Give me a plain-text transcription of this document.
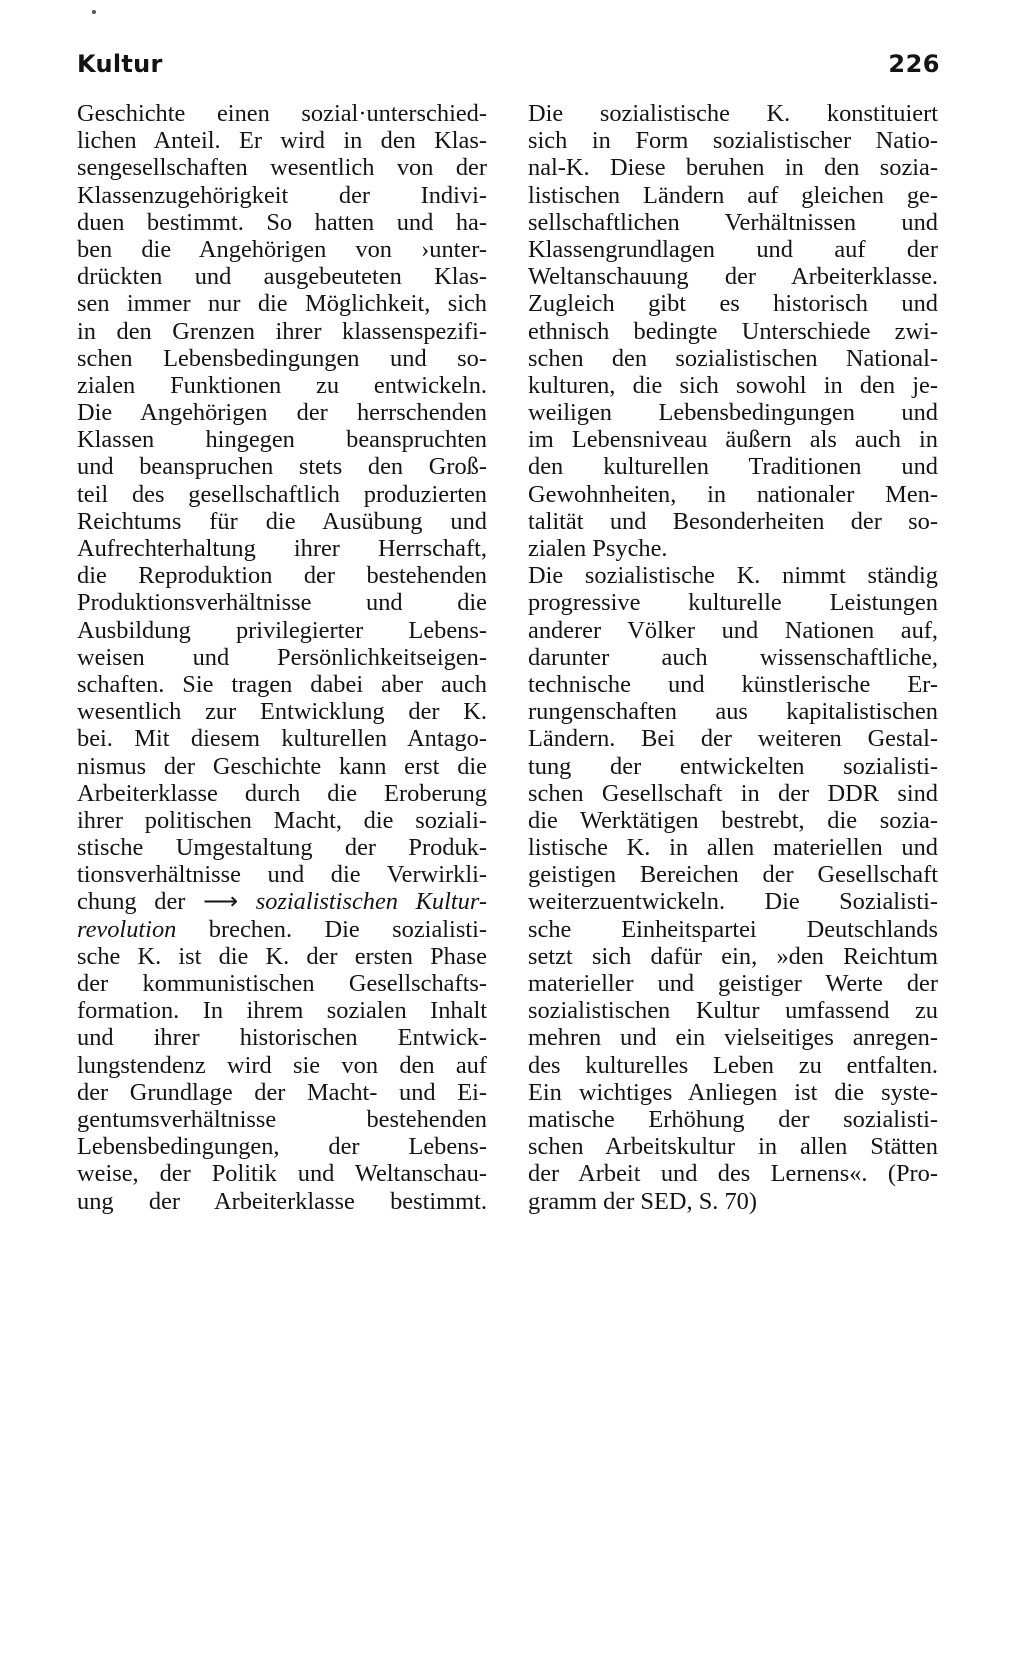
Kultur	226
Geschichte einen sozial·unterschied-
lichen Anteil. Er wird in den Klas-
sengesellschaften wesentlich von der
Klassenzugehörigkeit der Indivi-
duen bestimmt. So hatten und ha-
ben die Angehörigen von ›unter-
drückten und ausgebeuteten Klas-
sen immer nur die Möglichkeit, sich
in den Grenzen ihrer klassenspezifi-
schen Lebensbedingungen und so-
zialen Funktionen zu entwickeln.
Die Angehörigen der herrschenden
Klassen hingegen beanspruchten
und beanspruchen stets den Groß-
teil des gesellschaftlich produzierten
Reichtums für die Ausübung und
Aufrechterhaltung ihrer Herrschaft,
die Reproduktion der bestehenden
Produktionsverhältnisse und die
Ausbildung privilegierter Lebens-
weisen und Persönlichkeitseigen-
schaften. Sie tragen dabei aber auch
wesentlich zur Entwicklung der K.
bei. Mit diesem kulturellen Antago-
nismus der Geschichte kann erst die
Arbeiterklasse durch die Eroberung
ihrer politischen Macht, die soziali-
stische Umgestaltung der Produk-
tionsverhältnisse und die Verwirkli-
chung der ⟶ sozialistischen Kultur-
revolution brechen. Die sozialisti-
sche K. ist die K. der ersten Phase
der kommunistischen Gesellschafts-
formation. In ihrem sozialen Inhalt
und ihrer historischen Entwick-
lungstendenz wird sie von den auf
der Grundlage der Macht- und Ei-
gentumsverhältnisse bestehenden
Lebensbedingungen, der Lebens-
weise, der Politik und Weltanschau-
ung der Arbeiterklasse bestimmt.
Die sozialistische K. konstituiert
sich in Form sozialistischer Natio-
nal-K. Diese beruhen in den sozia-
listischen Ländern auf gleichen ge-
sellschaftlichen Verhältnissen und
Klassengrundlagen und auf der
Weltanschauung der Arbeiterklasse.
Zugleich gibt es historisch und
ethnisch bedingte Unterschiede zwi-
schen den sozialistischen National-
kulturen, die sich sowohl in den je-
weiligen Lebensbedingungen und
im Lebensniveau äußern als auch in
den kulturellen Traditionen und
Gewohnheiten, in nationaler Men-
talität und Besonderheiten der so-
zialen Psyche.
Die sozialistische K. nimmt ständig
progressive kulturelle Leistungen
anderer Völker und Nationen auf,
darunter auch wissenschaftliche,
technische und künstlerische Er-
rungenschaften aus kapitalistischen
Ländern. Bei der weiteren Gestal-
tung der entwickelten sozialisti-
schen Gesellschaft in der DDR sind
die Werktätigen bestrebt, die sozia-
listische K. in allen materiellen und
geistigen Bereichen der Gesellschaft
weiterzuentwickeln. Die Sozialisti-
sche Einheitspartei Deutschlands
setzt sich dafür ein, »den Reichtum
materieller und geistiger Werte der
sozialistischen Kultur umfassend zu
mehren und ein vielseitiges anregen-
des kulturelles Leben zu entfalten.
Ein wichtiges Anliegen ist die syste-
matische Erhöhung der sozialisti-
schen Arbeitskultur in allen Stätten
der Arbeit und des Lernens«. (Pro-
gramm der SED, S. 70)
